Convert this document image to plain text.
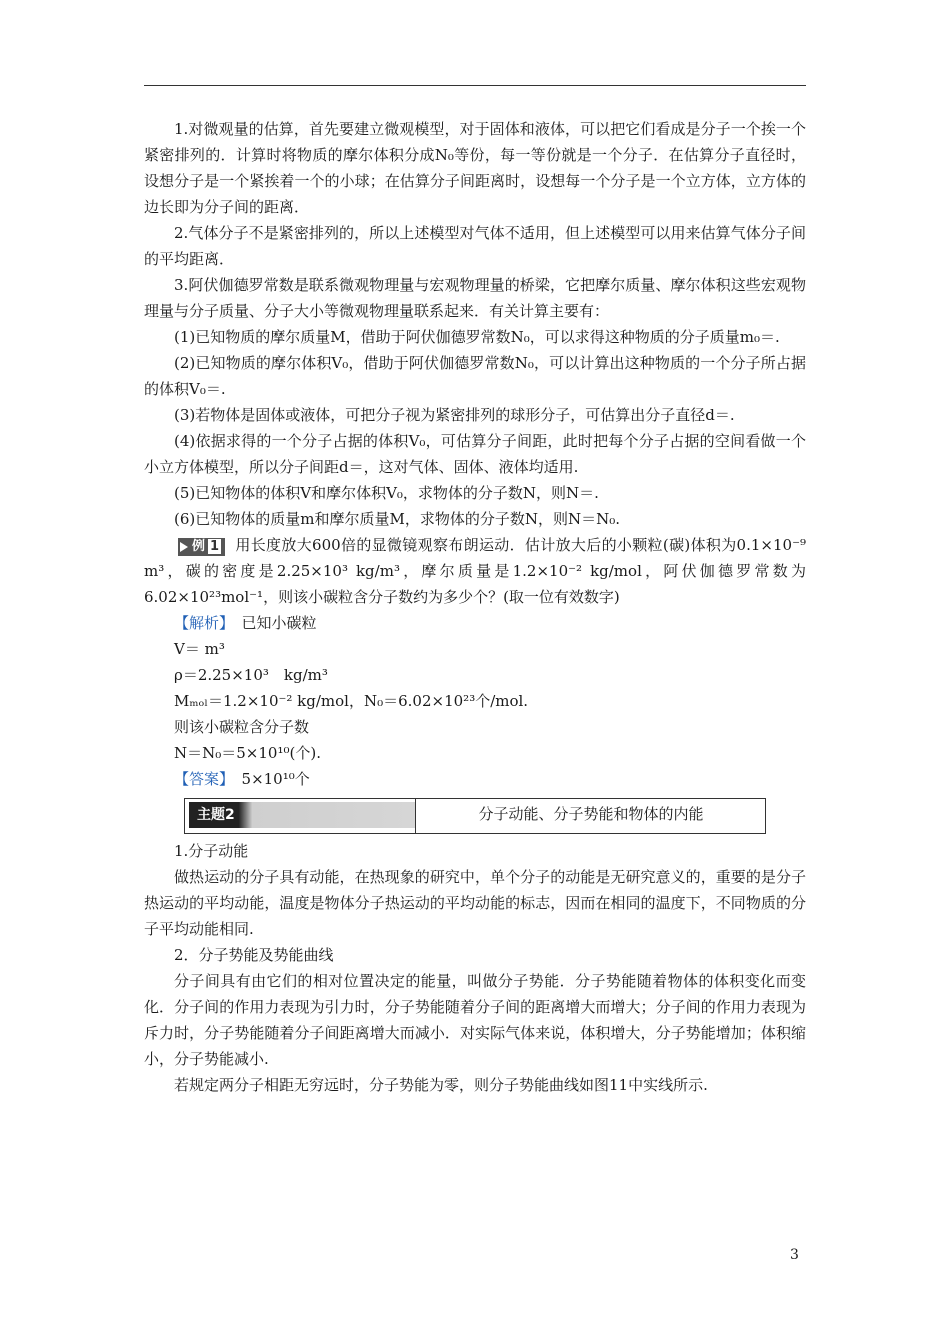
1.对微观量的估算，首先要建立微观模型，对于固体和液体，可以把它们看成是分子一个挨一个紧密排列的．计算时将物质的摩尔体积分成N₀等份，每一等份就是一个分子．在估算分子直径时，设想分子是一个紧挨着一个的小球；在估算分子间距离时，设想每一个分子是一个立方体，立方体的边长即为分子间的距离．

2.气体分子不是紧密排列的，所以上述模型对气体不适用，但上述模型可以用来估算气体分子间的平均距离．

3.阿伏伽德罗常数是联系微观物理量与宏观物理量的桥梁，它把摩尔质量、摩尔体积这些宏观物理量与分子质量、分子大小等微观物理量联系起来．有关计算主要有：

(1)已知物质的摩尔质量M，借助于阿伏伽德罗常数N₀，可以求得这种物质的分子质量m₀＝.

(2)已知物质的摩尔体积V₀，借助于阿伏伽德罗常数N₀，可以计算出这种物质的一个分子所占据的体积V₀＝.

(3)若物体是固体或液体，可把分子视为紧密排列的球形分子，可估算出分子直径d＝.

(4)依据求得的一个分子占据的体积V₀，可估算分子间距，此时把每个分子占据的空间看做一个小立方体模型，所以分子间距d＝，这对气体、固体、液体均适用.

(5)已知物体的体积V和摩尔体积V₀，求物体的分子数N，则N＝.

(6)已知物体的质量m和摩尔质量M，求物体的分子数N，则N＝N₀.

例 1 用长度放大600倍的显微镜观察布朗运动．估计放大后的小颗粒(碳)体积为0.1×10⁻⁹ m³，碳的密度是2.25×10³ kg/m³，摩尔质量是1.2×10⁻² kg/mol，阿伏伽德罗常数为6.02×10²³mol⁻¹，则该小碳粒含分子数约为多少个？(取一位有效数字)

【解析】　 已知小碳粒

V＝ m³

ρ＝2.25×10³　kg/m³

Mₘₒₗ＝1.2×10⁻² kg/mol，N₀＝6.02×10²³个/mol.

则该小碳粒含分子数

N＝N₀＝5×10¹⁰(个).

【答案】　 5×10¹⁰个

主题2	分子动能、分子势能和物体的内能

1.分子动能

做热运动的分子具有动能，在热现象的研究中，单个分子的动能是无研究意义的，重要的是分子热运动的平均动能，温度是物体分子热运动的平均动能的标志，因而在相同的温度下，不同物质的分子平均动能相同.

2．分子势能及势能曲线

分子间具有由它们的相对位置决定的能量，叫做分子势能．分子势能随着物体的体积变化而变化．分子间的作用力表现为引力时，分子势能随着分子间的距离增大而增大；分子间的作用力表现为斥力时，分子势能随着分子间距离增大而减小．对实际气体来说，体积增大，分子势能增加；体积缩小，分子势能减小.

若规定两分子相距无穷远时，分子势能为零，则分子势能曲线如图11中实线所示.

3
